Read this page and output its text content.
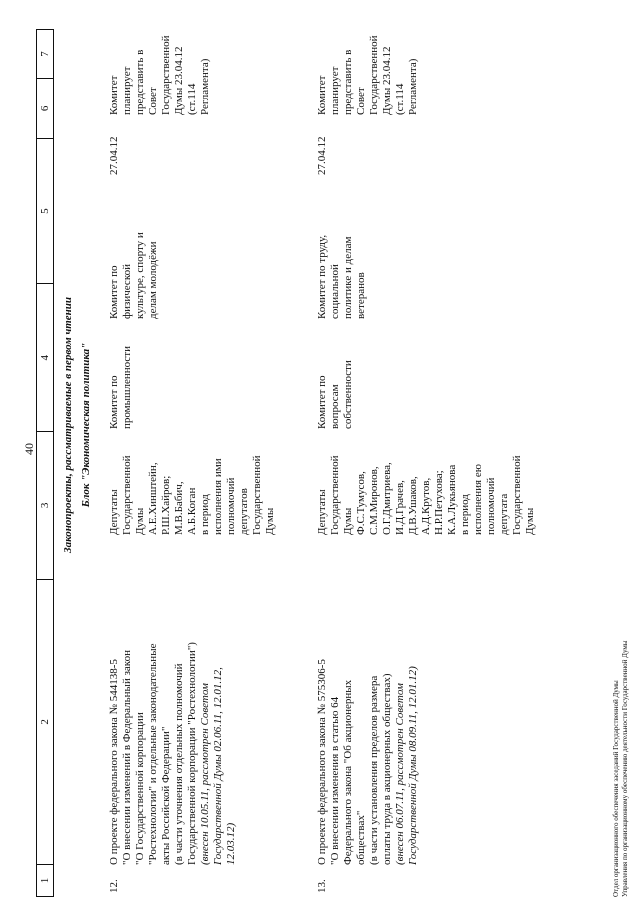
40
1
2
3
4
5
6
7
Законопроекты, рассматриваемые в первом чтении Блок "Экономическая политика"
12.
О проекте федерального закона № 544138-5 "О внесении изменений в Федеральный закон "О Государственной корпорации "Ростехнологии" и отдельные законодательные акты Российской Федерации" (в части уточнения отдельных полномочий Государственной корпорации "Ростехнологии") (внесен 10.05.11, рассмотрен Советом Государственной Думы 02.06.11, 12.01.12, 12.03.12)
Депутаты Государственной Думы А.Е.Хинштейн, Р.Ш.Хайров; М.В.Бабич, А.Б.Коган в период исполнения ими полномочий депутатов Государственной Думы
Комитет по промышленности
Комитет по физической культуре, спорту и делам молодёжи
27.04.12
Комитет планирует представить в Совет Государственной Думы 23.04.12 (ст.114 Регламента)
13.
О проекте федерального закона № 575306-5 "О внесении изменения в статью 64 Федерального закона "Об акционерных обществах" (в части установления пределов размера оплаты труда в акционерных обществах) (внесен 06.07.11, рассмотрен Советом Государственной Думы 08.09.11, 12.01.12)
Депутаты Государственной Думы Ф.С.Тумусов, С.М.Миронов, О.Г.Дмитриева, И.Д.Грачев, Д.В.Ушаков, А.Д.Крутов, Н.Р.Петухова; К.А.Лукьянова в период исполнения ею полномочий депутата Государственной Думы
Комитет по вопросам собственности
Комитет по труду, социальной политике и делам ветеранов
27.04.12
Комитет планирует представить в Совет Государственной Думы 23.04.12 (ст.114 Регламента)
Отдел организационного обеспечения заседаний Государственной Думы Управления по организационному обеспечению деятельности Государственной Думы
